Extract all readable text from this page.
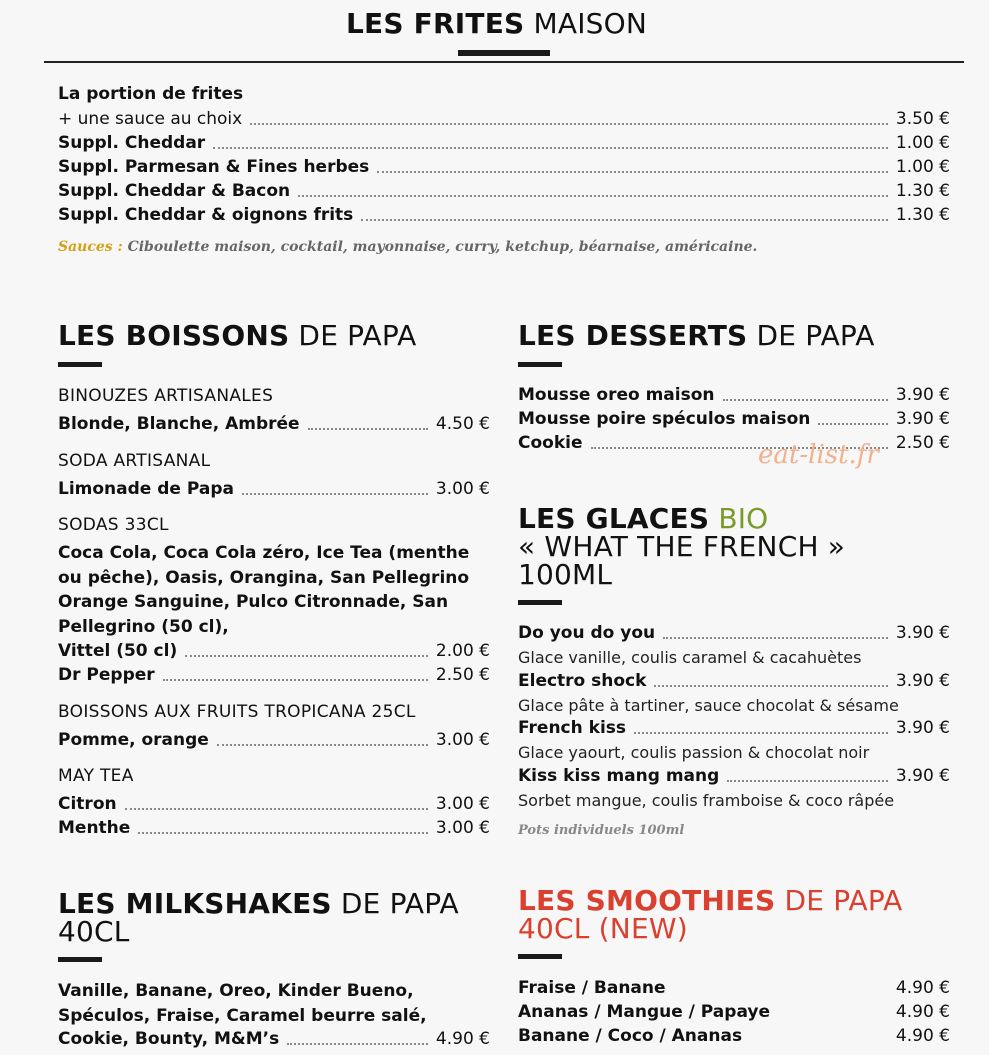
LES FRITES MAISON
La portion de frites
+ une sauce au choix	3.50 €
Suppl. Cheddar	1.00 €
Suppl. Parmesan & Fines herbes	1.00 €
Suppl. Cheddar & Bacon	1.30 €
Suppl. Cheddar & oignons frits	1.30 €
Sauces : Ciboulette maison, cocktail, mayonnaise, curry, ketchup, béarnaise, américaine.
LES BOISSONS DE PAPA
BINOUZES ARTISANALES
Blonde, Blanche, Ambrée	4.50 €
SODA ARTISANAL
Limonade de Papa	3.00 €
SODAS 33CL
Coca Cola, Coca Cola zéro, Ice Tea (menthe ou pêche), Oasis, Orangina, San Pellegrino Orange Sanguine, Pulco Citronnade, San Pellegrino (50 cl),
Vittel (50 cl)	2.00 €
Dr Pepper	2.50 €
BOISSONS AUX FRUITS TROPICANA 25CL
Pomme, orange	3.00 €
MAY TEA
Citron	3.00 €
Menthe	3.00 €
LES DESSERTS DE PAPA
Mousse oreo maison	3.90 €
Mousse poire spéculos maison	3.90 €
Cookie	2.50 €
eat-list.fr
LES GLACES BIO
« WHAT THE FRENCH »
100ML
Do you do you	3.90 €
Glace vanille, coulis caramel & cacahuètes
Electro shock	3.90 €
Glace pâte à tartiner, sauce chocolat & sésame
French kiss	3.90 €
Glace yaourt, coulis passion & chocolat noir
Kiss kiss mang mang	3.90 €
Sorbet mangue, coulis framboise & coco râpée
Pots individuels 100ml
LES MILKSHAKES DE PAPA
40CL
Vanille, Banane, Oreo, Kinder Bueno, Spéculos, Fraise, Caramel beurre salé,
Cookie, Bounty, M&M’s	4.90 €
LES SMOOTHIES DE PAPA
40CL (NEW)
Fraise / Banane	4.90 €
Ananas / Mangue / Papaye	4.90 €
Banane / Coco / Ananas	4.90 €
